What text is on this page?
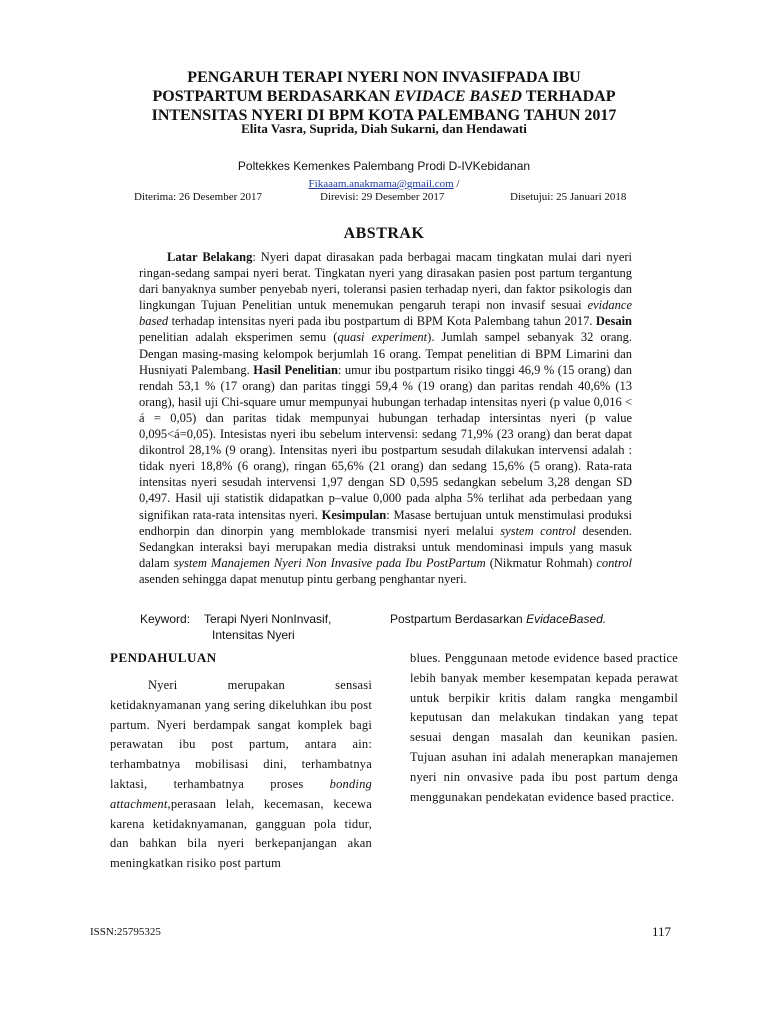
PENGARUH TERAPI NYERI NON INVASIFPADA IBU
POSTPARTUM BERDASARKAN EVIDACE BASED TERHADAP
INTENSITAS NYERI DI BPM KOTA PALEMBANG TAHUN 2017
Elita Vasra, Suprida, Diah Sukarni, dan Hendawati
Poltekkes Kemenkes Palembang Prodi D-IVKebidanan
Fikaaam.anakmama@gmail.com /
Diterima: 26 Desember 2017	Direvisi: 29 Desember 2017	Disetujui: 25 Januari 2018
ABSTRAK
Latar Belakang: Nyeri dapat dirasakan pada berbagai macam tingkatan mulai dari nyeri ringan-sedang sampai nyeri berat. Tingkatan nyeri yang dirasakan pasien post partum tergantung dari banyaknya sumber penyebab nyeri, toleransi pasien terhadap nyeri, dan faktor psikologis dan lingkungan Tujuan Penelitian untuk menemukan pengaruh terapi non invasif sesuai evidance based terhadap intensitas nyeri pada ibu postpartum di BPM Kota Palembang tahun 2017. Desain penelitian adalah eksperimen semu (quasi experiment). Jumlah sampel sebanyak 32 orang. Dengan masing-masing kelompok berjumlah 16 orang. Tempat penelitian di BPM Limarini dan Husniyati Palembang. Hasil Penelitian: umur ibu postpartum risiko tinggi 46,9 % (15 orang) dan rendah 53,1 % (17 orang) dan paritas tinggi 59,4 % (19 orang) dan paritas rendah 40,6% (13 orang), hasil uji Chi-square umur mempunyai hubungan terhadap intensitas nyeri (p value 0,016 < á = 0,05) dan paritas tidak mempunyai hubungan terhadap intersintas nyeri (p value 0,095<á=0,05). Intesistas nyeri ibu sebelum intervensi: sedang 71,9% (23 orang) dan berat dapat dikontrol 28,1% (9 orang). Intensitas nyeri ibu postpartum sesudah dilakukan intervensi adalah : tidak nyeri 18,8% (6 orang), ringan 65,6% (21 orang) dan sedang 15,6% (5 orang). Rata-rata intensitas nyeri sesudah intervensi 1,97 dengan SD 0,595 sedangkan sebelum 3,28 dengan SD 0,497. Hasil uji statistik didapatkan p–value 0,000 pada alpha 5% terlihat ada perbedaan yang signifikan rata-rata intensitas nyeri. Kesimpulan: Masase bertujuan untuk menstimulasi produksi endhorpin dan dinorpin yang memblokade transmisi nyeri melalui system control desenden. Sedangkan interaksi bayi merupakan media distraksi untuk mendominasi impuls yang masuk dalam system Manajemen Nyeri Non Invasive pada Ibu PostPartum (Nikmatur Rohmah) control asenden sehingga dapat menutup pintu gerbang penghantar nyeri.
Keyword: Terapi Nyeri NonInvasif,
Intensitas Nyeri
Postpartum Berdasarkan EvidaceBased.
PENDAHULUAN
Nyeri merupakan sensasi ketidaknyamanan yang sering dikeluhkan ibu post partum. Nyeri berdampak sangat komplek bagi perawatan ibu post partum, antara ain: terhambatnya mobilisasi dini, terhambatnya laktasi, terhambatnya proses bonding attachment,perasaan lelah, kecemasan, kecewa karena ketidaknyamanan, gangguan pola tidur, dan bahkan bila nyeri berkepanjangan akan meningkatkan risiko post partum
blues. Penggunaan metode evidence based practice lebih banyak member kesempatan kepada perawat untuk berpikir kritis dalam rangka mengambil keputusan dan melakukan tindakan yang tepat sesuai dengan masalah dan keunikan pasien. Tujuan asuhan ini adalah menerapkan manajemen nyeri nin onvasive pada ibu post partum denga menggunakan pendekatan evidence based practice.
ISSN:25795325	117
